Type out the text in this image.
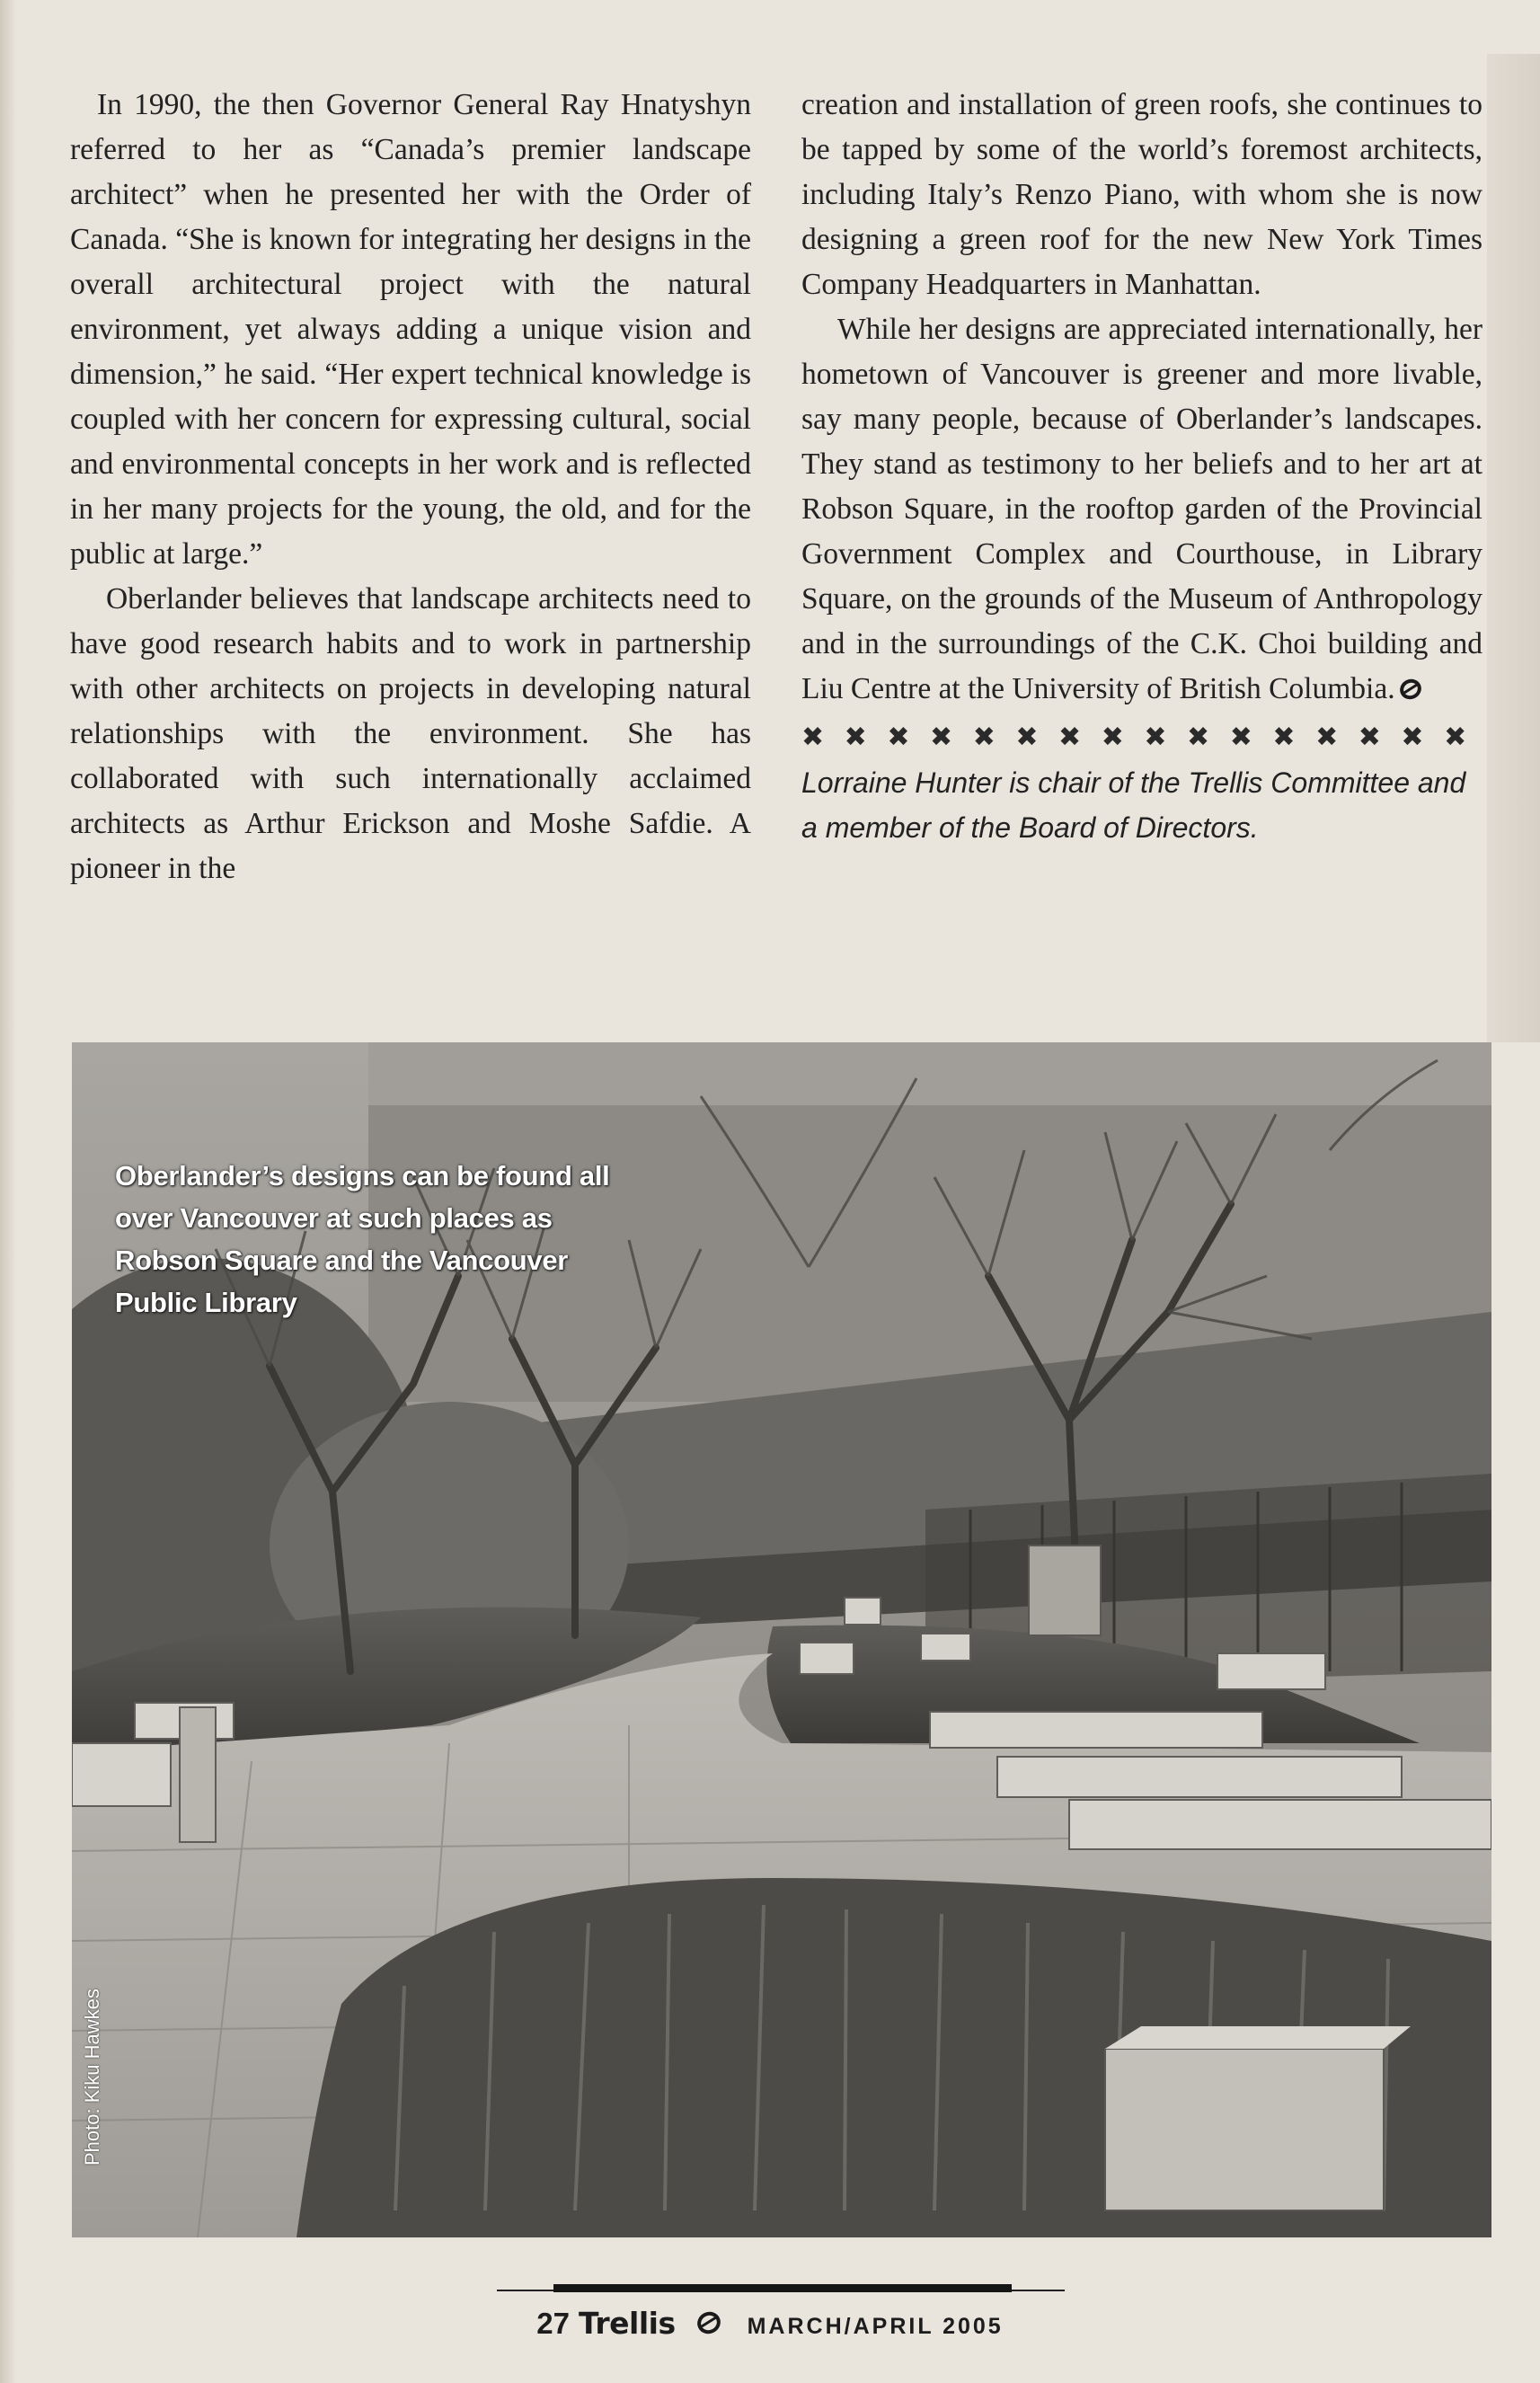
In 1990, the then Governor General Ray Hnatyshyn referred to her as “Canada’s premier landscape architect” when he presented her with the Order of Canada. “She is known for integrating her designs in the overall architectural project with the natural environment, yet always adding a unique vision and dimension,” he said. “Her expert technical knowledge is coupled with her concern for expressing cultural, social and environmental concepts in her work and is reflected in her many projects for the young, the old, and for the public at large.”

Oberlander believes that landscape architects need to have good research habits and to work in partnership with other architects on projects in developing natural relationships with the environment. She has collaborated with such internationally acclaimed architects as Arthur Erickson and Moshe Safdie. A pioneer in the

creation and installation of green roofs, she continues to be tapped by some of the world’s foremost architects, including Italy’s Renzo Piano, with whom she is now designing a green roof for the new New York Times Company Headquarters in Manhattan.

While her designs are appreciated internationally, her hometown of Vancouver is greener and more livable, say many people, because of Oberlander’s landscapes. They stand as testimony to her beliefs and to her art at Robson Square, in the rooftop garden of the Provincial Government Complex and Courthouse, in Library Square, on the grounds of the Museum of Anthropology and in the surroundings of the C.K. Choi building and Liu Centre at the University of British Columbia.

✖ ✖ ✖ ✖ ✖ ✖ ✖ ✖ ✖ ✖ ✖ ✖ ✖ ✖ ✖ ✖
Lorraine Hunter is chair of the Trellis Committee and a member of the Board of Directors.
Oberlander’s designs can be found all over Vancouver at such places as Robson Square and the Vancouver Public Library
Photo: Kiku Hawkes
27 Trellis	MARCH/APRIL 2005
